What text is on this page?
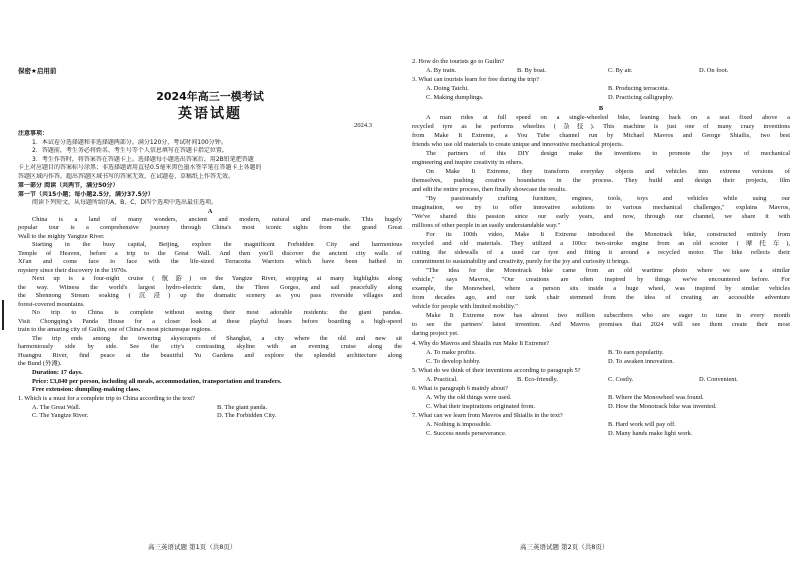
保密★启用前
2024年高三一模考试
英语试题
2024.3
注意事项：
1．本试卷分选择题和非选择题两部分。满分120分，考试时间100分钟。
2．答题前，考生务必将姓名、考生号等个人信息填写在答题卡指定位置。
3．考生作答时，将答案答在答题卡上。选择题每小题选出答案后，用2B铅笔把答题
卡上对应题目的答案标号涂黑；非选择题请用直径0.5毫米黑色墨水签字笔在答题卡上各题的
答题区域内作答。超出答题区域书写的答案无效，在试题卷、草稿纸上作答无效。
第一部分 阅读（共两节，满分50分）
第一节（共15小题；每小题2.5分，满分37.5分）
阅读下列短文，从每题所给的A、B、C、D四个选项中选出最佳选项。
A
China is a land of many wonders, ancient and modern, natural and man-made. This hugely
popular tour is a comprehensive journey through China's most iconic sights from the grand Great
Wall to the mighty Yangtze River.
Starting in the busy capital, Beijing, explore the magnificent Forbidden City and harmonious
Temple of Heaven, before a trip to the Great Wall. And then you'll discover the ancient city walls of
Xi'an and come face to face with the life-sized Terracotta Warriors which have been bathed in
mystery since their discovery in the 1970s.
Next up is a four-night cruise (航游) on the Yangtze River, stopping at many highlights along
the way. Witness the world's largest hydro-electric dam, the Three Gorges, and sail peacefully along
the Shennong Stream soaking (沉浸) up the dramatic scenery as you pass riverside villages and
forest-covered mountains.
No trip to China is complete without seeing their most adorable residents: the giant pandas.
Visit Chongqing's Panda House for a closer look at these playful bears before boarding a high-speed
train to the amazing city of Guilin, one of China's most picturesque regions.
The trip ends among the towering skyscrapers of Shanghai, a city where the old and new sit
harmoniously side by side. See the city's contrasting skyline with an evening cruise along the
Huangpu River, find peace at the beautiful Yu Gardens and explore the splendid architecture along
the Bund (外滩).
Duration: 17 days.
Price: £3,840 per person, including all meals, accommodation, transportation and transfers.
Free extension: dumpling-making class.
1. Which is a must for a complete trip to China according to the text?
A. The Great Wall.	B. The giant panda.
C. The Yangtze River.	D. The Forbidden City.
高三英语试题 第1页（共8页）
2. How do the tourists go to Guilin?
A. By train.	B. By boat.	C. By air.	D. On foot.
3. What can tourists learn for free during the trip?
A. Doing Taichi.	B. Producing terracotta.
C. Making dumplings.	D. Practicing calligraphy.
B
A man rides at full speed on a single-wheeled bike, leaning back on a seat fixed above a
recycled tyre as he performs wheelies (杂技). This machine is just one of many crazy inventions
from Make It Extreme, a You Tube channel run by Michael Mavros and George Shiailis, two best
friends who use old materials to create unique and innovative mechanical projects.
The partners of this DIY design make the inventions to promote the joys of mechanical
engineering and inspire creativity in others.
On Make It Extreme, they transform everyday objects and vehicles into extreme versions of
themselves, pushing creative boundaries in the process. They build and design their projects, film
and edit the entire process, then finally showcase the results.
"By passionately crafting furniture, engines, tools, toys and vehicles while using our
imagination, we try to offer innovative solutions to various mechanical challenges," explains Mavros,
"We've shared this passion since our early years, and now, through our channel, we share it with
millions of other people in an easily understandable way."
For its 100th video, Make It Extreme introduced the Monotrack bike, constructed entirely from
recycled and old materials. They utilized a 100cc two-stroke engine from an old scooter (摩托车),
cutting the sidewalls of a used car tyre and fitting it around a recycled motor. The bike reflects their
commitment to sustainability and creativity, purely for the joy and curiosity it brings.
"The idea for the Monotrack bike came from an old wartime photo where we saw a similar
vehicle," says Mavros, "Our creations are often inspired by things we've encountered before. For
example, the Monowheel, where a person sits inside a huge wheel, was inspired by similar vehicles
from decades ago, and our tank chair stemmed from the idea of creating an accessible adventure
vehicle for people with limited mobility."
Make It Extreme now has almost two million subscribers who are eager to tune in every month
to see the partners' latest invention. And Mavros promises that 2024 will see them create their most
daring project yet.
4. Why do Mavros and Shiailis run Make It Extreme?
A. To make profits.	B. To earn popularity.
C. To develop hobby.	D. To awaken innovation.
5. What do we think of their inventions according to paragraph 5?
A. Practical.	B. Eco-friendly.	C. Costly.	D. Convenient.
6. What is paragraph 6 mainly about?
A. Why the old things were used.	B. Where the Monowheel was found.
C. What their inspirations originated from.	D. How the Monotrack bike was invented.
7. What can we learn from Mavros and Shiailis in the text?
A. Nothing is impossible.	B. Hard work will pay off.
C. Success needs perseverance.	D. Many hands make light work.
高三英语试题 第2页（共8页）
